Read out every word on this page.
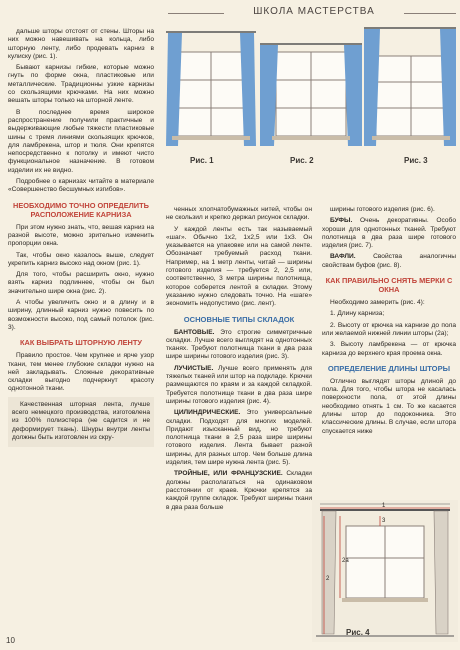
ШКОЛА МАСТЕРСТВА

дальше шторы отстоят от стены. Шторы на них можно навешивать на кольца, либо шторную ленту, либо продевать карниз в кулиску (рис. 1).

Бывают карнизы гибкие, которые можно гнуть по форме окна, пластиковые или металлические. Традиционны узкие карнизы со скользящими крючками. На них можно вешать шторы только на шторной ленте.

В последнее время широкое распространение получили практичные и выдерживающие любые тяжести пластиковые шины с тремя линиями скользящих крючков, для ламбрекена, штор и тюля. Они крепятся непосредственно к потолку и имеют чисто функциональное назначение. В готовом изделии их не видно.

Подробнее о карнизах читайте в материале «Совершенство бесшумных изгибов».

НЕОБХОДИМО ТОЧНО ОПРЕДЕЛИТЬ РАСПОЛОЖЕНИЕ КАРНИЗА

При этом нужно знать, что, вешая карниз на разной высоте, можно зрительно изменить пропорции окна.

Так, чтобы окно казалось выше, следует укрепить карниз высоко над окном (рис. 1).

Для того, чтобы расширить окно, нужно взять карниз подлиннее, чтобы он был значительно шире окна (рис. 2).

А чтобы увеличить окно и в длину и в ширину, длинный карниз нужно повесить по возможности высоко, под самый потолок (рис. 3).

КАК ВЫБРАТЬ ШТОРНУЮ ЛЕНТУ

Правило простое. Чем крупнее и ярче узор ткани, тем менее глубокие складки нужно на ней закладывать. Сложные декоративные складки выгодно подчеркнут красоту однотонной ткани.

Качественная шторная лента, лучше всего немецкого производства, изготовлена из 100% полиэстера (не садится и не деформирует ткань). Шнуры внутри ленты должны быть изготовлен из скру-

Рис. 1	Рис. 2	Рис. 3

ченных хлопчатобумажных нитей, чтобы он не скользил и крепко держал рисунок складки.

У каждой ленты есть так называемый «шаг». Обычно 1х2, 1х2,5 или 1х3. Он указывается на упаковке или на самой ленте. Обозначает требуемый расход ткани. Например, на 1 метр ленты, читай — ширины готового изделия — требуется 2, 2,5 или, соответственно, 3 метра ширины полотнища, которое соберется лентой в складки. Этому указанию нужно следовать точно. На «шаге» экономить недопустимо (рис. лент).

ОСНОВНЫЕ ТИПЫ СКЛАДОК

БАНТОВЫЕ. Это строгие симметричные складки. Лучше всего выглядят на однотонных тканях. Требуют полотнища ткани в два раза шире ширины готового изделия (рис. 3).

ЛУЧИСТЫЕ. Лучше всего применять для тяжелых тканей или штор на подкладе. Крючки размещаются по краям и за каждой складкой. Требуется полотнище ткани в два раза шире ширины готового изделия (рис. 4).

ЦИЛИНДРИЧЕСКИЕ. Это универсальные складки. Подходят для многих моделей. Придают изысканный вид, но требуют полотнища ткани в 2,5 раза шире ширины готового изделия. Лента бывает разной ширины, для разных штор. Чем больше длина изделия, тем шире нужна лента (рис. 5).

ТРОЙНЫЕ, ИЛИ ФРАНЦУЗСКИЕ. Складки должны располагаться на одинаковом расстоянии от краев. Крючки крепятся за каждой группе складок. Требуют ширины ткани в два раза больше

ширины готового изделия (рис. 6).

БУФЫ. Очень декоративны. Особо хороши для однотонных тканей. Требуют полотнища в два раза шире готового изделия (рис. 7).

ВАФЛИ. Свойства аналогичны свойствам буфов (рис. 8).

КАК ПРАВИЛЬНО СНЯТЬ МЕРКИ С ОКНА

Необходимо замерить (рис. 4):

1. Длину карниза;

2. Высоту от крючка на карнизе до пола или желаемой нижней линии шторы (2а);

3. Высоту ламбрекена — от крючка карниза до верхнего края проема окна.

ОПРЕДЕЛЕНИЕ ДЛИНЫ ШТОРЫ

Отлично выглядят шторы длиной до пола. Для того, чтобы штора не касалась поверхности пола, от этой длины необходимо отнять 1 см. То же касается длины штор до подоконника. Это классические длины. В случае, если штора спускается ниже

1
2
2а
3
Рис. 4
10
